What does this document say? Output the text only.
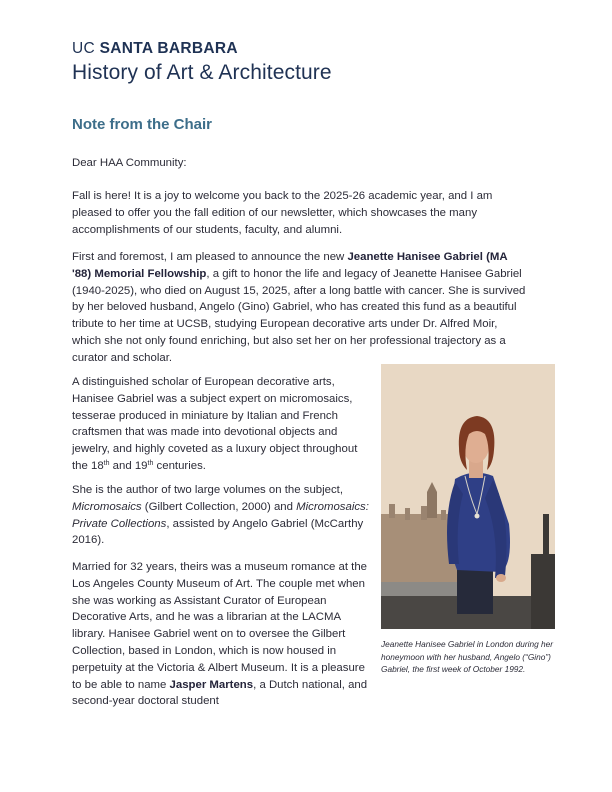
UC SANTA BARBARA
History of Art & Architecture
Note from the Chair
Dear HAA Community:
Fall is here! It is a joy to welcome you back to the 2025-26 academic year, and I am pleased to offer you the fall edition of our newsletter, which showcases the many accomplishments of our students, faculty, and alumni.
First and foremost, I am pleased to announce the new Jeanette Hanisee Gabriel (MA '88) Memorial Fellowship, a gift to honor the life and legacy of Jeanette Hanisee Gabriel (1940-2025), who died on August 15, 2025, after a long battle with cancer. She is survived by her beloved husband, Angelo (Gino) Gabriel, who has created this fund as a beautiful tribute to her time at UCSB, studying European decorative arts under Dr. Alfred Moir, which she not only found enriching, but also set her on her professional trajectory as a curator and scholar.
A distinguished scholar of European decorative arts, Hanisee Gabriel was a subject expert on micromosaics, tesserae produced in miniature by Italian and French craftsmen that was made into devotional objects and jewelry, and highly coveted as a luxury object throughout the 18th and 19th centuries.
She is the author of two large volumes on the subject, Micromosaics (Gilbert Collection, 2000) and Micromosaics: Private Collections, assisted by Angelo Gabriel (McCarthy 2016).
Married for 32 years, theirs was a museum romance at the Los Angeles County Museum of Art. The couple met when she was working as Assistant Curator of European Decorative Arts, and he was a librarian at the LACMA library. Hanisee Gabriel went on to oversee the Gilbert Collection, based in London, which is now housed in perpetuity at the Victoria & Albert Museum. It is a pleasure to be able to name Jasper Martens, a Dutch national, and second-year doctoral student
Jeanette Hanisee Gabriel in London during her honeymoon with her husband, Angelo (“Gino”) Gabriel, the first week of October 1992.
